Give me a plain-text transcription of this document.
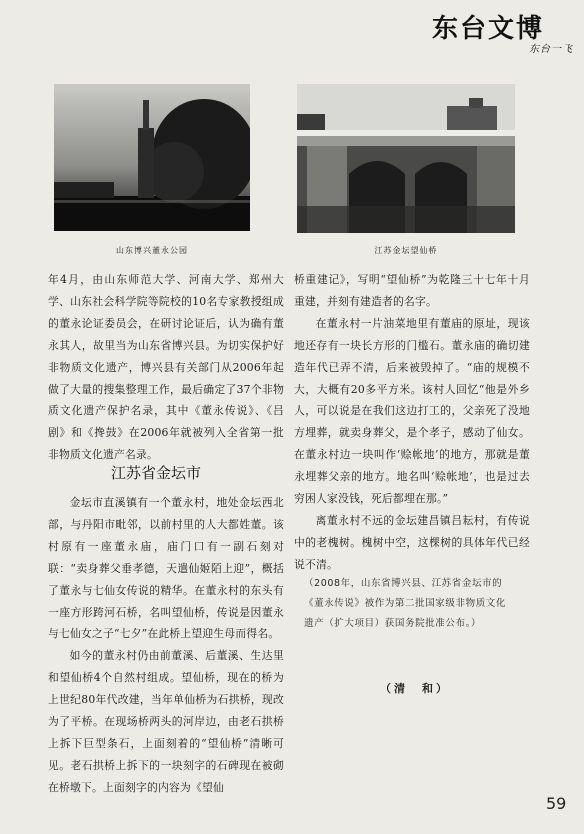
东台文博
东台一飞
山东博兴董永公园	江苏金坛望仙桥

年4月，由山东师范大学、河南大学、郑州大学、山东社会科学院等院校的10名专家教授组成的董永论证委员会，在研讨论证后，认为确有董永其人，故里当为山东省博兴县。为切实保护好非物质文化遗产，博兴县有关部门从2006年起做了大量的搜集整理工作，最后确定了37个非物质文化遗产保护名录，其中《董永传说》、《吕剧》和《搀鼓》在2006年就被列入全省第一批非物质文化遗产名录。

江苏省金坛市

金坛市直溪镇有一个董永村，地处金坛西北部，与丹阳市毗邻，以前村里的人大都姓董。该村原有一座董永庙，庙门口有一副石刻对联：“卖身葬父垂孝德，天遣仙姬陌上迎”，概括了董永与七仙女传说的精华。在董永村的东头有一座方形跨河石桥，名叫望仙桥，传说是因董永与七仙女之子“七夕”在此桥上望迎生母而得名。

如今的董永村仍由前董溪、后董溪、生达里和望仙桥4个自然村组成。望仙桥，现在的桥为上世纪80年代改建，当年单仙桥为石拱桥，现改为了平桥。在现场桥两头的河岸边，由老石拱桥上拆下巨型条石，上面刻着的“望仙桥”清晰可见。老石拱桥上拆下的一块刻字的石碑现在被砌在桥墩下。上面刻字的内容为《望仙

桥重建记》，写明“望仙桥”为乾隆三十七年十月重建，并刻有建造者的名字。

在董永村一片油菜地里有董庙的原址，现该地还存有一块长方形的门槛石。董永庙的确切建造年代已弄不清，后来被毁掉了。“庙的规模不大，大概有20多平方米。该村人回忆“他是外乡人，可以说是在我们这边打工的，父亲死了没地方埋葬，就卖身葬父，是个孝子，感动了仙女。在董永村边一块叫作‘赊帐地’的地方，那就是董永埋葬父亲的地方。地名叫‘赊帐地’，也是过去穷困人家没钱，死后都埋在那。”

离董永村不远的金坛建昌镇吕耘村，有传说中的老槐树。槐树中空，这棵树的具体年代已经说不清。

（2008年，山东省博兴县、江苏省金坛市的《董永传说》被作为第二批国家级非物质文化遗产（扩大项目）获国务院批准公布。）
（清　和）
59
